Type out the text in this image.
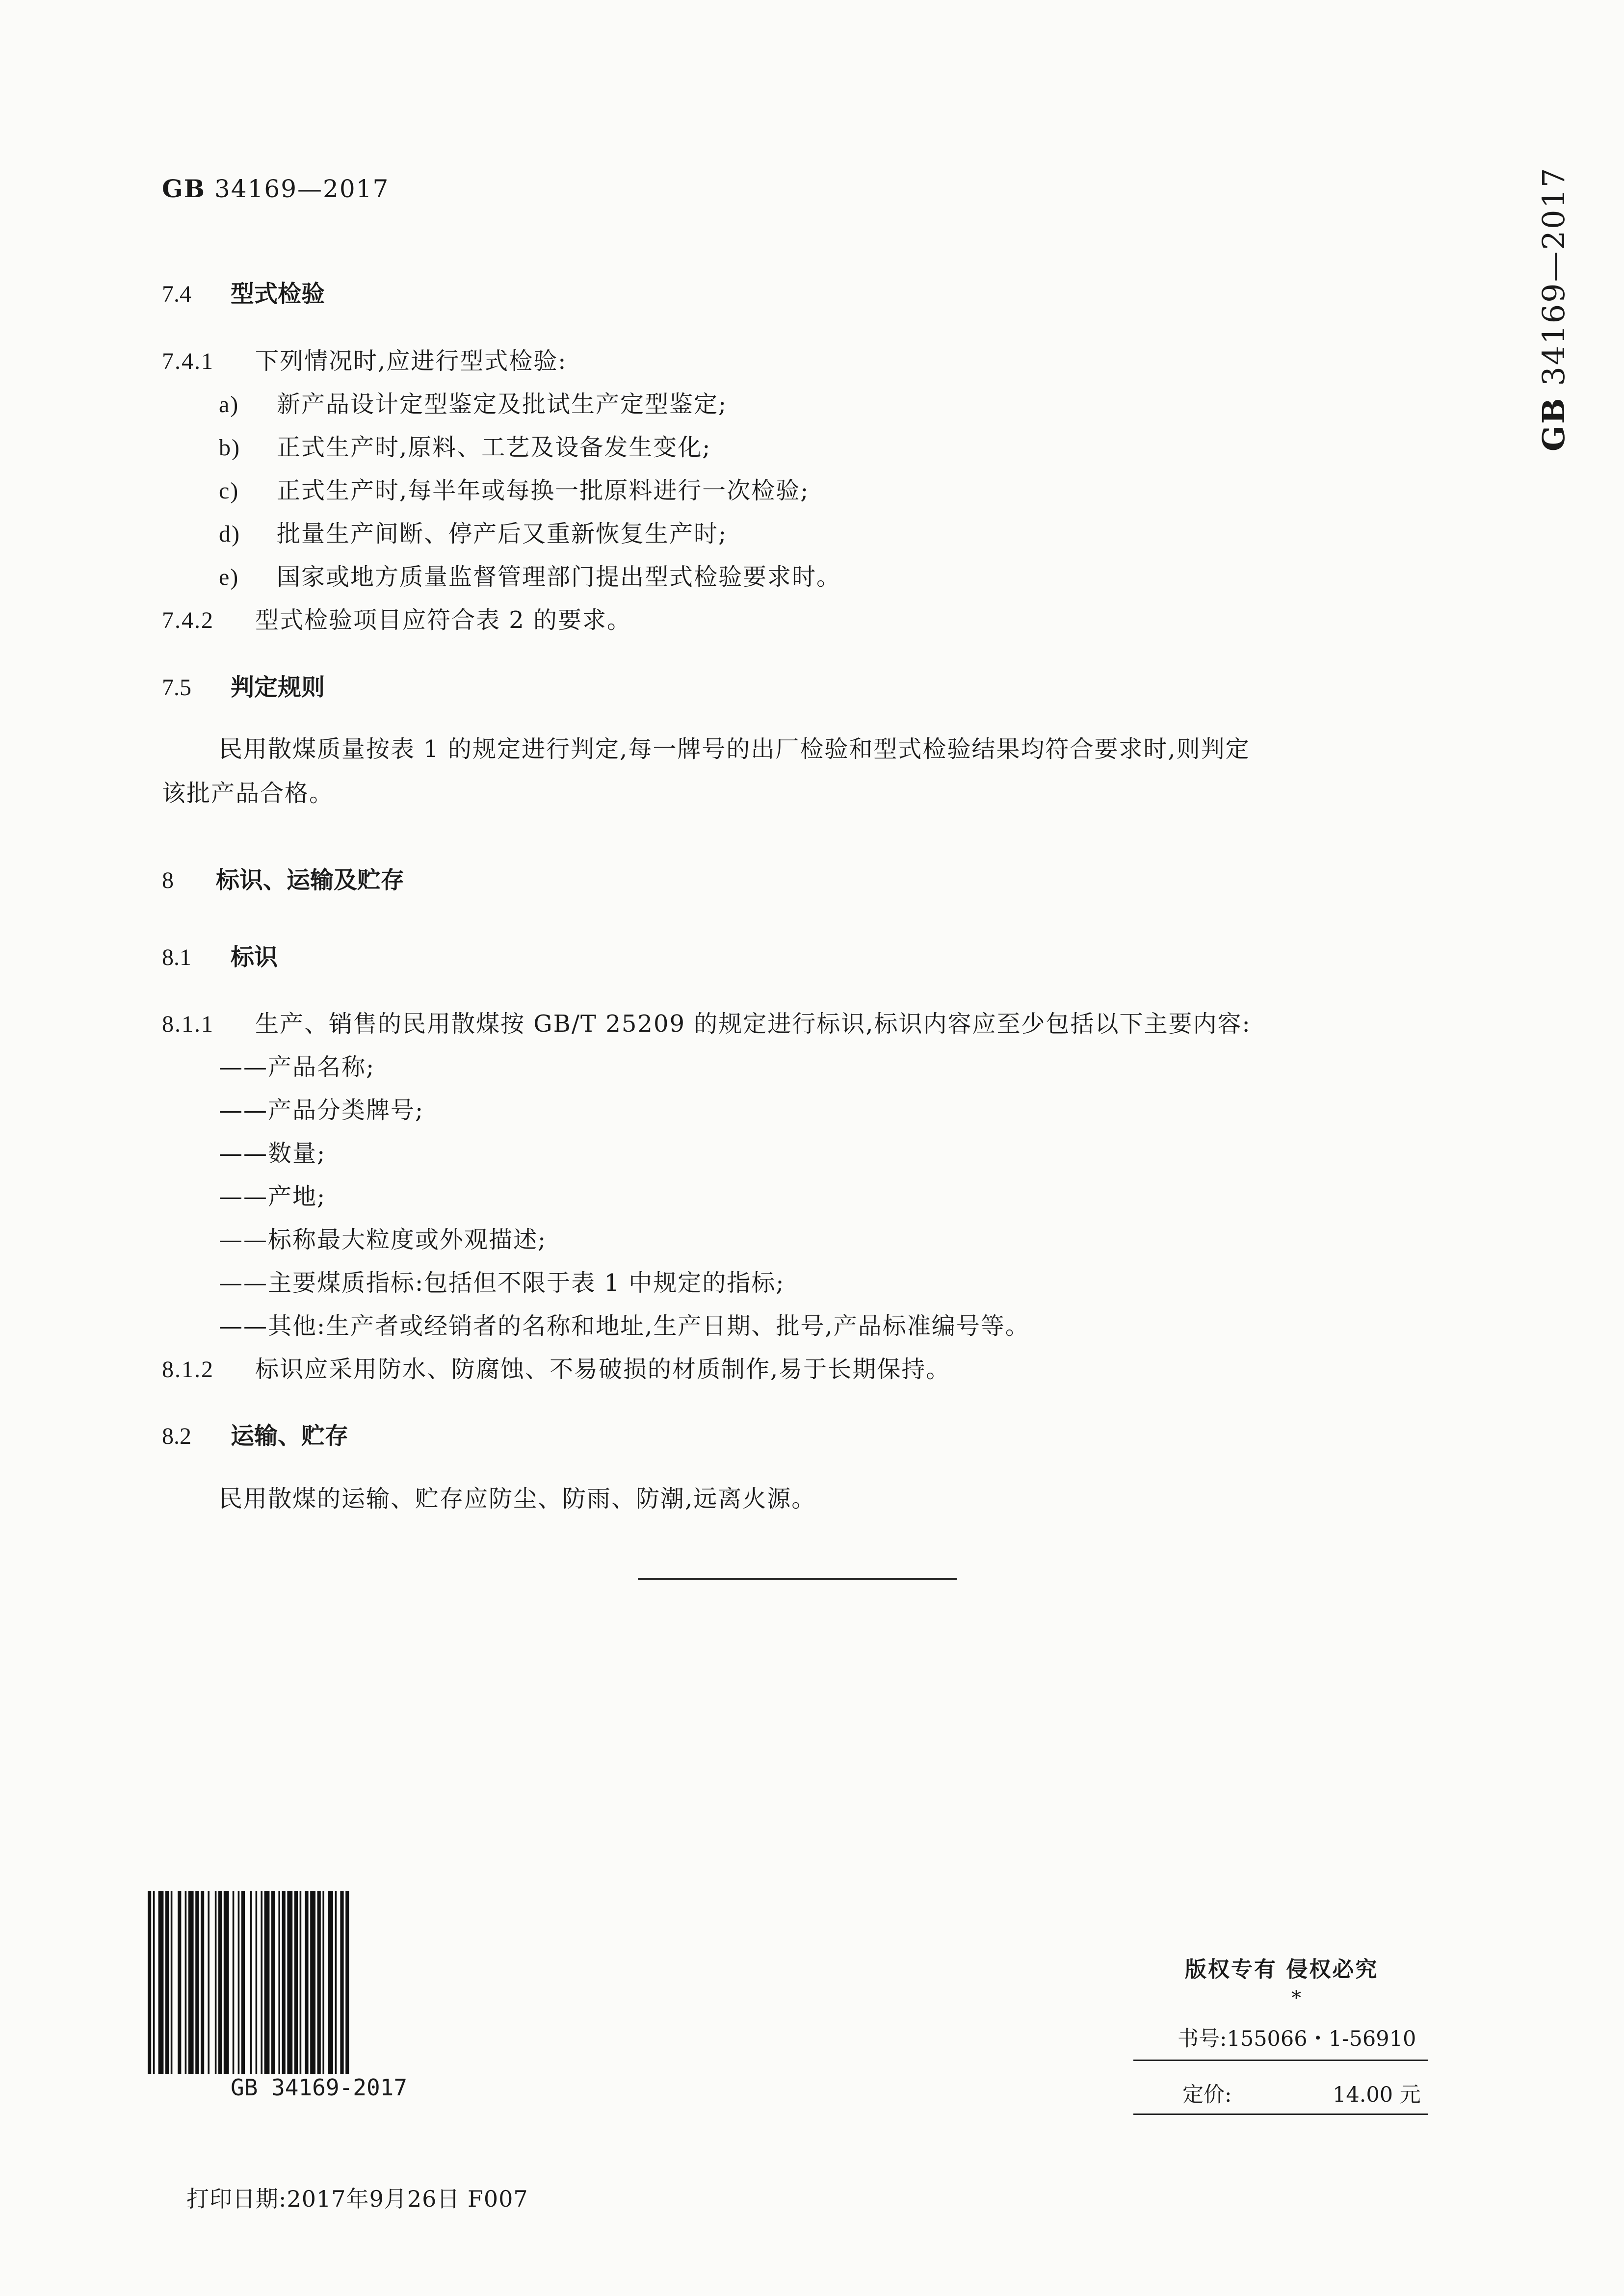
GB 34169—2017
GB34169—2017
7.4 型式检验
7.4.1 下列情况时,应进行型式检验:
a) 新产品设计定型鉴定及批试生产定型鉴定;
b) 正式生产时,原料、工艺及设备发生变化;
c) 正式生产时,每半年或每换一批原料进行一次检验;
d) 批量生产间断、停产后又重新恢复生产时;
e) 国家或地方质量监督管理部门提出型式检验要求时。
7.4.2 型式检验项目应符合表 2 的要求。
7.5 判定规则
民用散煤质量按表 1 的规定进行判定,每一牌号的出厂检验和型式检验结果均符合要求时,则判定
该批产品合格。
8 标识、运输及贮存
8.1 标识
8.1.1 生产、销售的民用散煤按 GB/T 25209 的规定进行标识,标识内容应至少包括以下主要内容:
——产品名称;
——产品分类牌号;
——数量;
——产地;
——标称最大粒度或外观描述;
——主要煤质指标:包括但不限于表 1 中规定的指标;
——其他:生产者或经销者的名称和地址,生产日期、批号,产品标准编号等。
8.1.2 标识应采用防水、防腐蚀、不易破损的材质制作,易于长期保持。
8.2 运输、贮存
民用散煤的运输、贮存应防尘、防雨、防潮,远离火源。
GB 34169-2017
版权专有 侵权必究
*
书号:155066・1-56910
定价:	14.00 元
打印日期:2017年9月26日 F007
